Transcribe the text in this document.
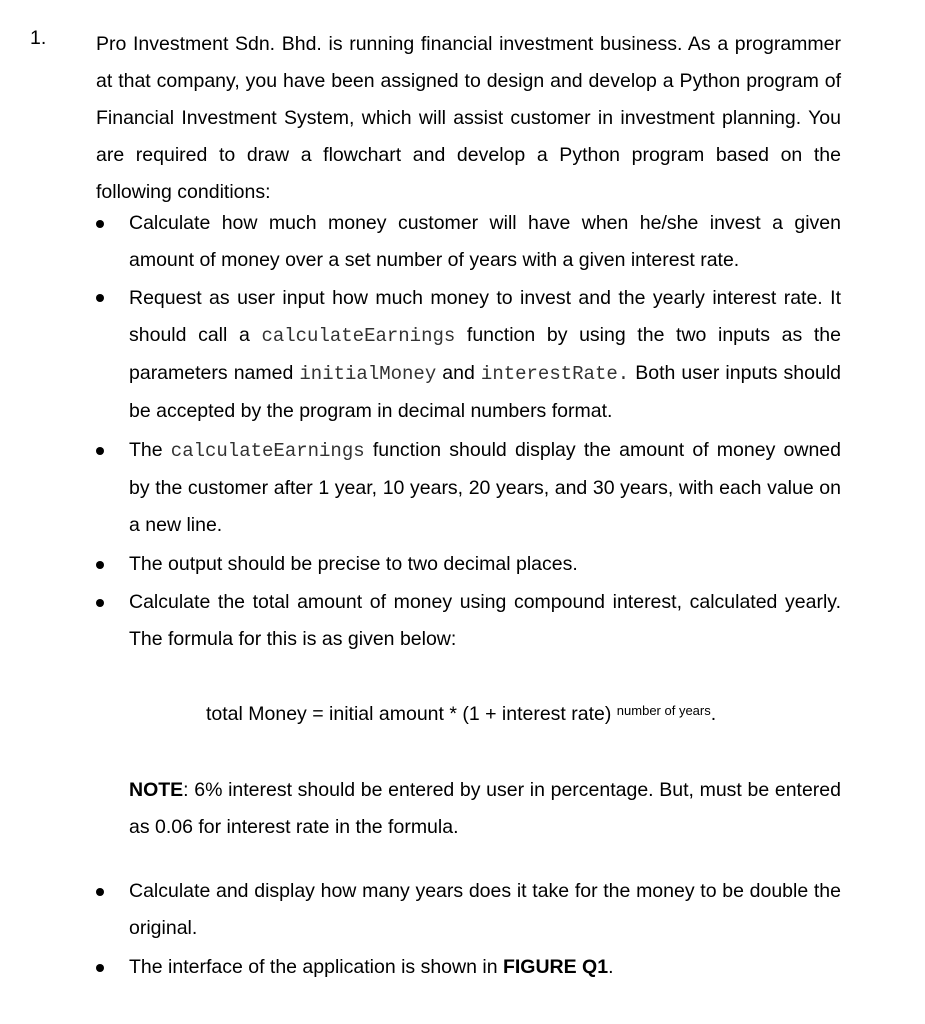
1.	Pro Investment Sdn. Bhd. is running financial investment business. As a programmer at that company, you have been assigned to design and develop a Python program of Financial Investment System, which will assist customer in investment planning. You are required to draw a flowchart and develop a Python program based on the following conditions:
Calculate how much money customer will have when he/she invest a given amount of money over a set number of years with a given interest rate.
Request as user input how much money to invest and the yearly interest rate. It should call a calculateEarnings function by using the two inputs as the parameters named initialMoney and interestRate. Both user inputs should be accepted by the program in decimal numbers format.
The calculateEarnings function should display the amount of money owned by the customer after 1 year, 10 years, 20 years, and 30 years, with each value on a new line.
The output should be precise to two decimal places.
Calculate the total amount of money using compound interest, calculated yearly. The formula for this is as given below:
total Money = initial amount * (1 + interest rate) $^{number of years}$.
NOTE: 6% interest should be entered by user in percentage. But, must be entered as 0.06 for interest rate in the formula.
Calculate and display how many years does it take for the money to be double the original.
The interface of the application is shown in FIGURE Q1.
